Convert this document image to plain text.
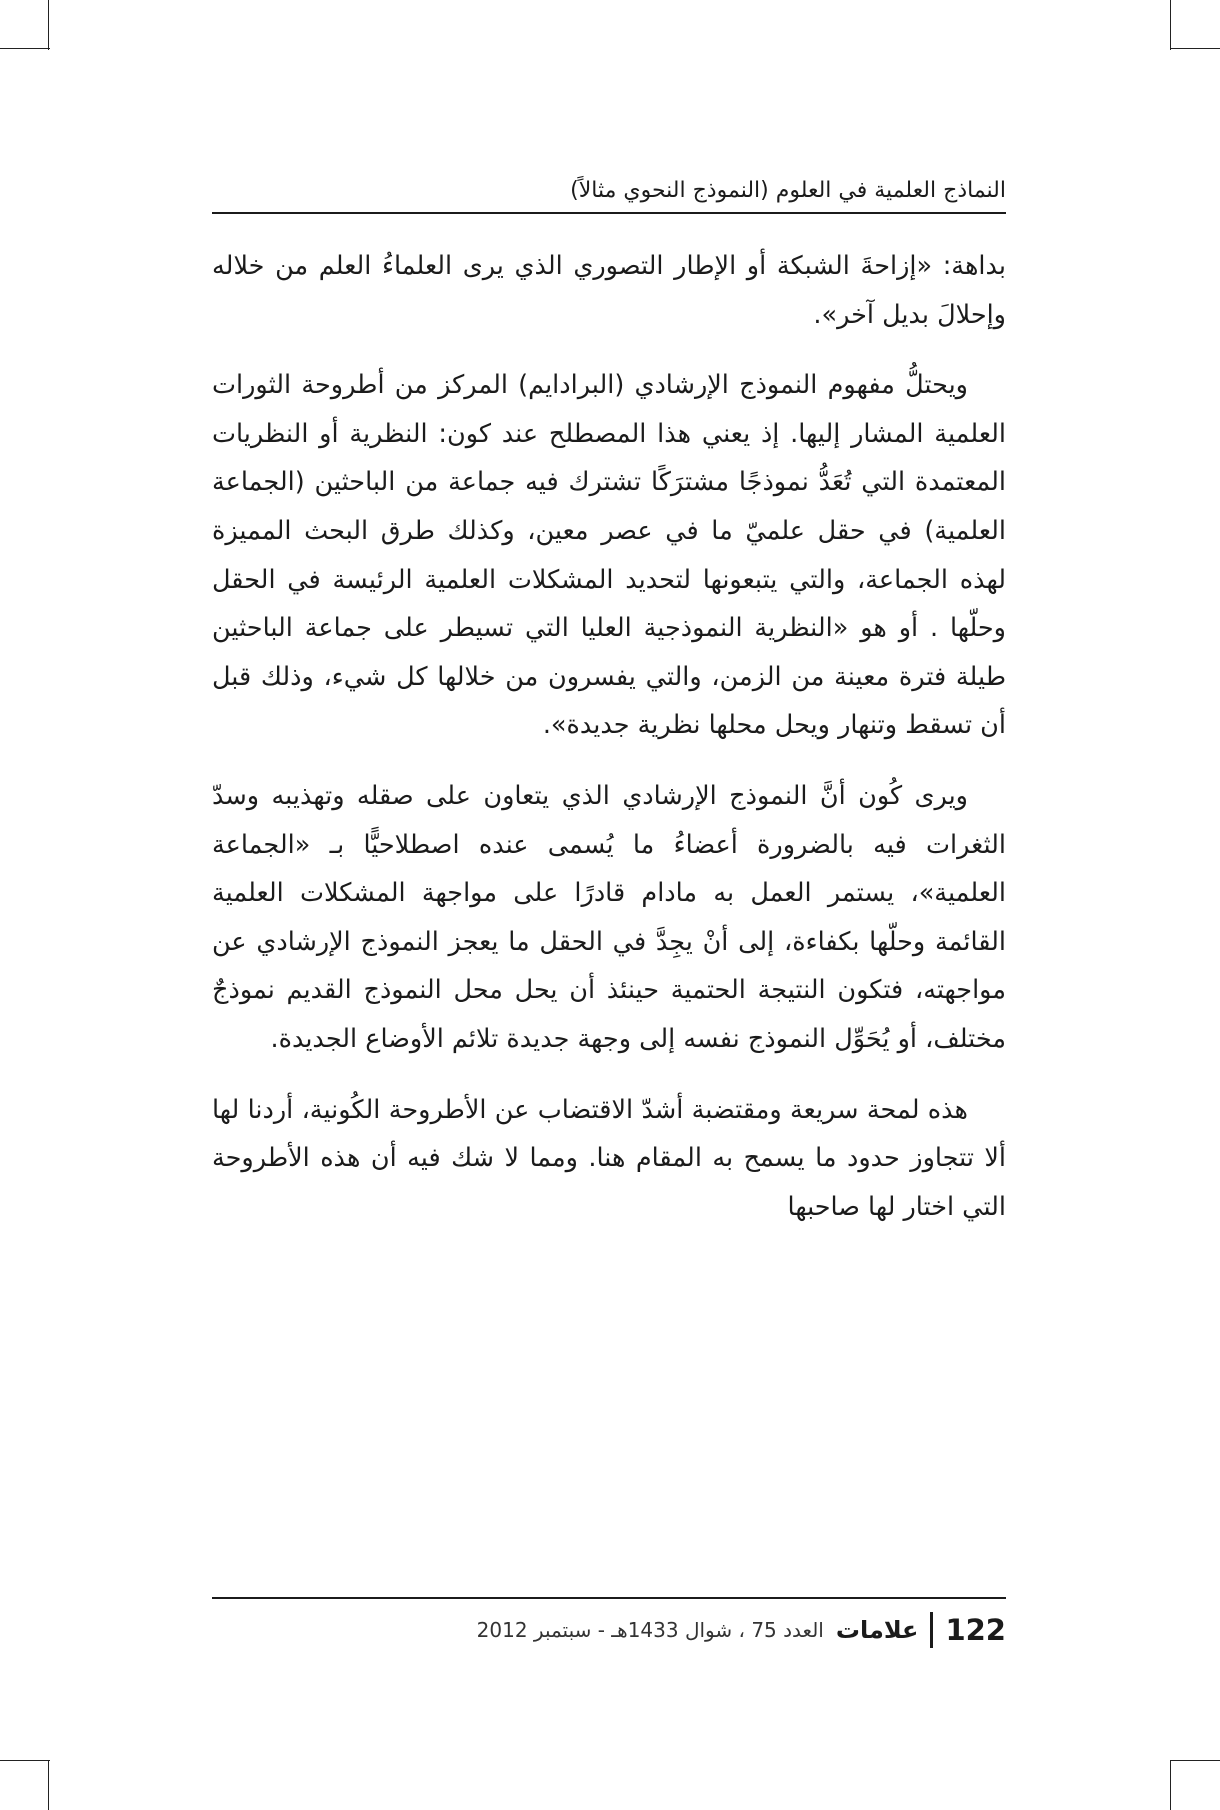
النماذج العلمية في العلوم (النموذج النحوي مثالاً)

بداهة: «إزاحةَ الشبكة أو الإطار التصوري الذي يرى العلماءُ العلم من خلاله وإحلالَ بديل آخر».

ويحتلُّ مفهوم النموذج الإرشادي (البرادايم) المركز من أطروحة الثورات العلمية المشار إليها. إذ يعني هذا المصطلح عند كون: النظرية أو النظريات المعتمدة التي تُعَدُّ نموذجًا مشترَكًا تشترك فيه جماعة من الباحثين (الجماعة العلمية) في حقل علميّ ما في عصر معين، وكذلك طرق البحث المميزة لهذه الجماعة، والتي يتبعونها لتحديد المشكلات العلمية الرئيسة في الحقل وحلّها . أو هو «النظرية النموذجية العليا التي تسيطر على جماعة الباحثين طيلة فترة معينة من الزمن، والتي يفسرون من خلالها كل شيء، وذلك قبل أن تسقط وتنهار ويحل محلها نظرية جديدة».

ويرى كُون أنَّ النموذج الإرشادي الذي يتعاون على صقله وتهذيبه وسدّ الثغرات فيه بالضرورة أعضاءُ ما يُسمى عنده اصطلاحيًّا بـ «الجماعة العلمية»، يستمر العمل به مادام قادرًا على مواجهة المشكلات العلمية القائمة وحلّها بكفاءة، إلى أنْ يجِدَّ في الحقل ما يعجز النموذج الإرشادي عن مواجهته، فتكون النتيجة الحتمية حينئذ أن يحل محل النموذج القديم نموذجٌ مختلف، أو يُحَوِّل النموذج نفسه إلى وجهة جديدة تلائم الأوضاع الجديدة.

هذه لمحة سريعة ومقتضبة أشدّ الاقتضاب عن الأطروحة الكُونية، أردنا لها ألا تتجاوز حدود ما يسمح به المقام هنا. ومما لا شك فيه أن هذه الأطروحة التي اختار لها صاحبها

122
علامات
العدد 75 ، شوال 1433هـ - سبتمبر 2012
